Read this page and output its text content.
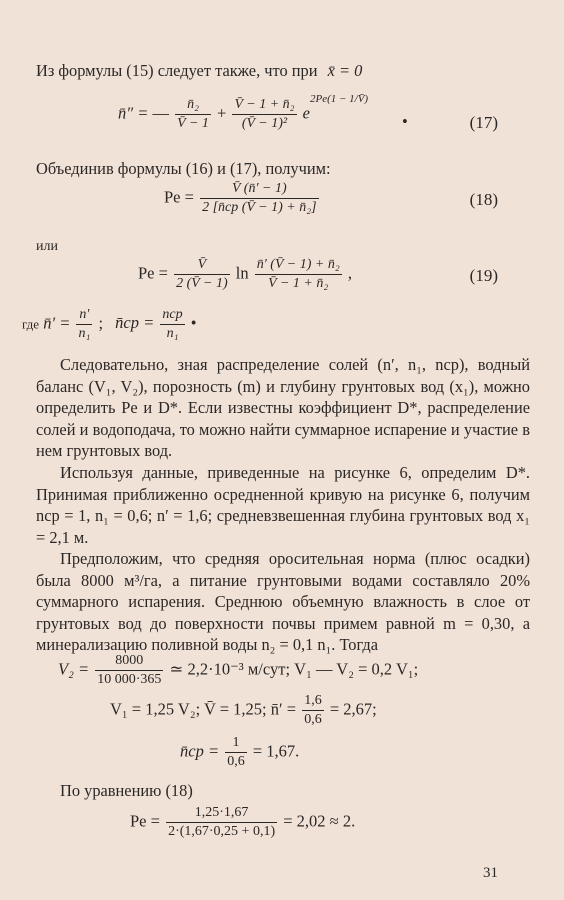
Из формулы (15) следует также, что при x̄ = 0
n̄″ = — $\frac{\text{n̄₂}}{V̄ - 1} + \frac{\text{V̄ − 1 + n̄₂}}{\text{(V̄ − 1)²}} e^{2Pe(1 - 1/V̄)}$
•	(17)
Объединив формулы (16) и (17), получим:
$Pe = \frac{V̄ (n̄' - 1)}{\text{2 [n̄cp (V̄ − 1) + n̄₂]}}$	(18)
или
$Pe = \frac{V̄}{2 (V̄ - 1)}$ $\ln \frac{\text{n̄′ (V̄ − 1) + n̄₂}}{\text{V̄ − 1 + n̄₂}}$ ,	(19)
где n̄′ = $\frac{n'}{\text{n₁}}$ ; n̄cp = $\frac{\text{ncp}}{\text{n₁}}$ •
Следовательно, зная распределение солей (n′, n₁, nср), водный баланс (V₁, V₂), порозность (m) и глубину грунтовых вод (x₁), можно определить Pe и D*. Если известны коэффициент D*, распределение солей и водоподача, то можно найти суммарное испарение и участие в нем грунтовых вод.
Используя данные, приведенные на рисунке 6, определим D*. Принимая приближенно осредненной кривую на рисунке 6, получим nср = 1, n₁ = 0,6; n′ = 1,6; средневзвешенная глубина грунтовых вод x₁ = 2,1 м.
Предположим, что средняя оросительная норма (плюс осадки) была 8000 м³/га, а питание грунтовыми водами составляло 20% суммарного испарения. Среднюю объемную влажность в слое от грунтовых вод до поверхности почвы примем равной m = 0,30, а минерализацию поливной воды n₂ = 0,1 n₁. Тогда
$V_2 = \frac{8000}{10 000\cdot 365}$ ≃ 2,2·10⁻³ м/сут; V₁ — V₂ = 0,2 V₁;
V₁ = 1,25 V₂; V̄ = 1,25; n̄′ = $\frac{1,6}{0,6} = 2,67$;
n̄cp = $\frac{1}{0,6} = 1,67$.
По уравнению (18)
$Pe = \frac{1,25\cdot 1,67}{2\cdot(1,67\cdot 0,25 + 0,1)} = 2,02 \approx 2$.
31
